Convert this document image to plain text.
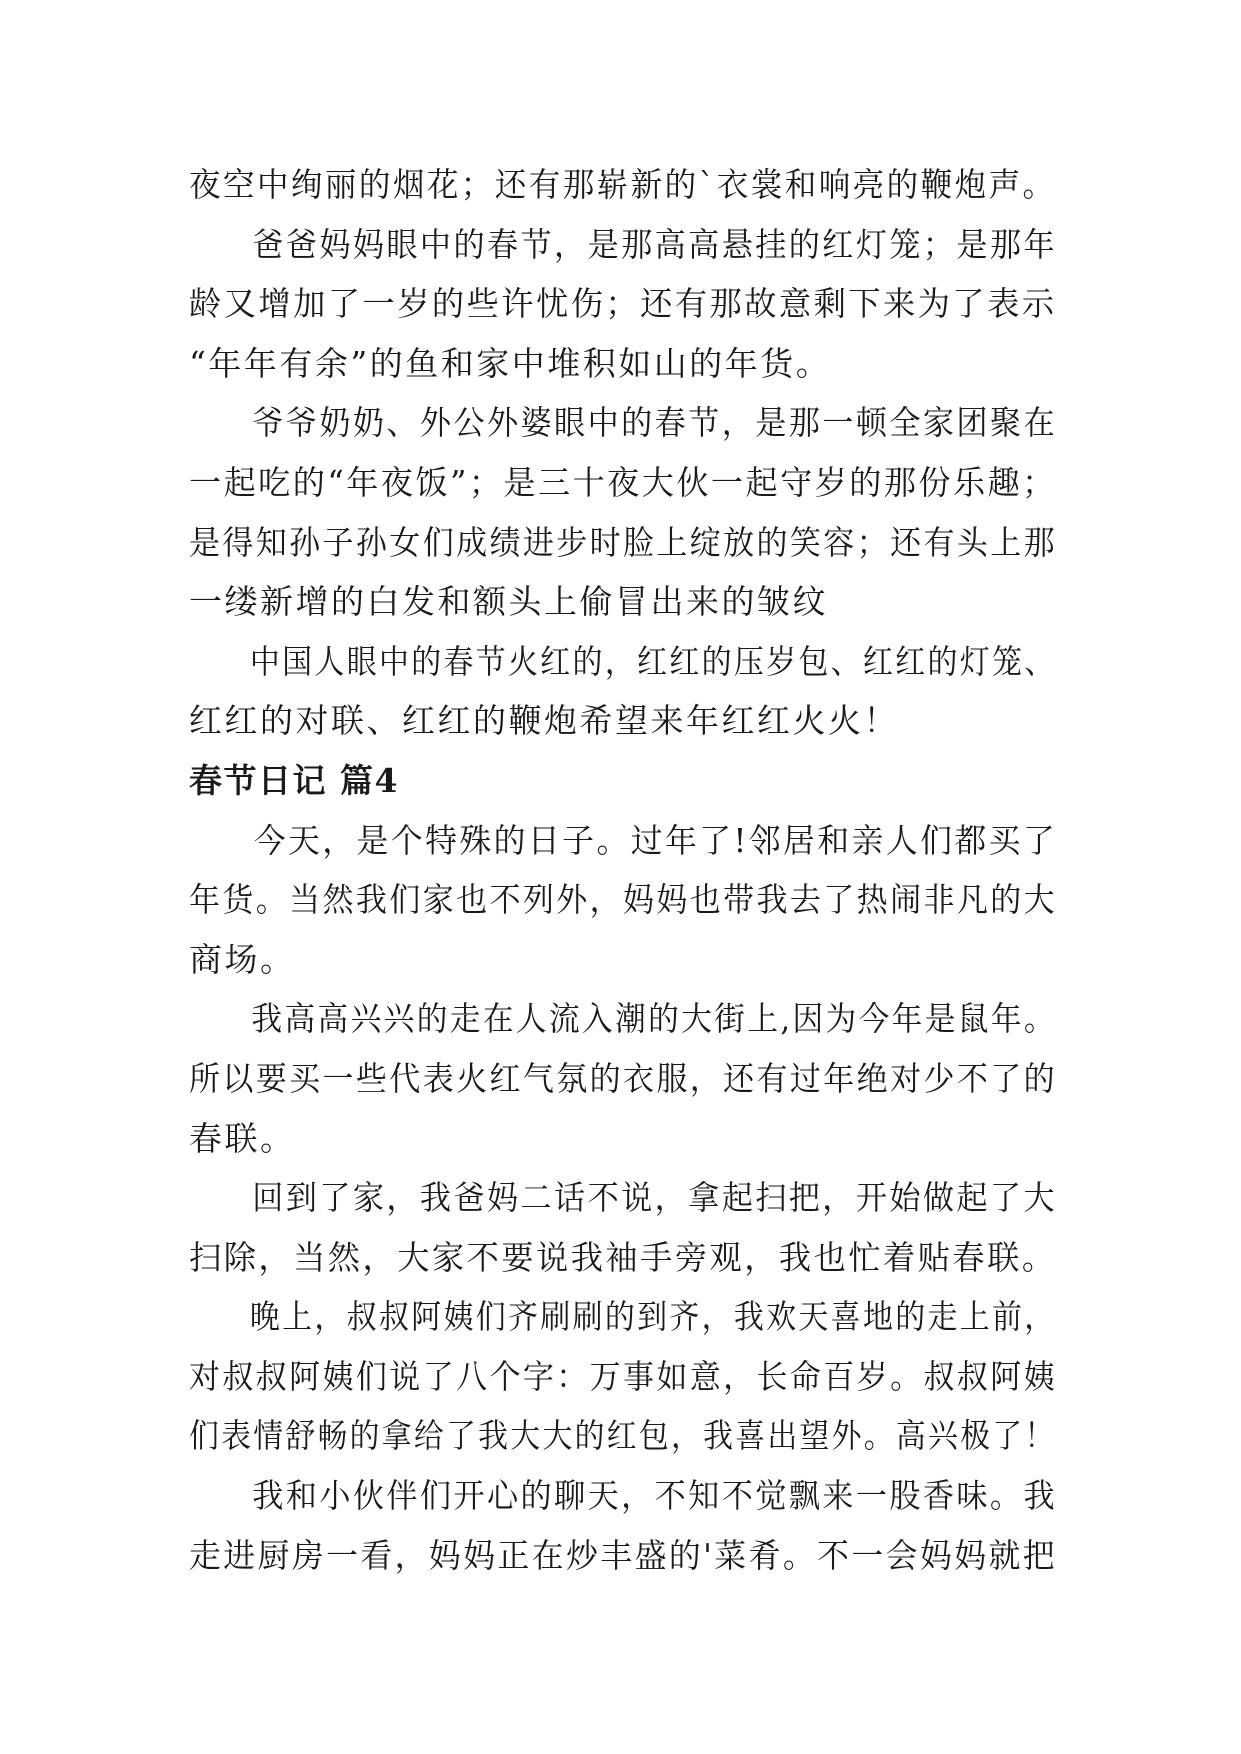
夜空中绚丽的烟花；还有那崭新的`衣裳和响亮的鞭炮声。

爸爸妈妈眼中的春节，是那高高悬挂的红灯笼；是那年
龄又增加了一岁的些许忧伤；还有那故意剩下来为了表示
“年年有余”的鱼和家中堆积如山的年货。

爷爷奶奶、外公外婆眼中的春节，是那一顿全家团聚在
一起吃的“年夜饭”；是三十夜大伙一起守岁的那份乐趣；
是得知孙子孙女们成绩进步时脸上绽放的笑容；还有头上那
一缕新增的白发和额头上偷冒出来的皱纹

中国人眼中的春节火红的，红红的压岁包、红红的灯笼、
红红的对联、红红的鞭炮希望来年红红火火！

春节日记 篇4

今天，是个特殊的日子。过年了!邻居和亲人们都买了
年货。当然我们家也不列外，妈妈也带我去了热闹非凡的大
商场。

我高高兴兴的走在人流入潮的大街上,因为今年是鼠年。
所以要买一些代表火红气氛的衣服，还有过年绝对少不了的
春联。

回到了家，我爸妈二话不说，拿起扫把，开始做起了大
扫除，当然，大家不要说我袖手旁观，我也忙着贴春联。

晚上，叔叔阿姨们齐刷刷的到齐，我欢天喜地的走上前，
对叔叔阿姨们说了八个字：万事如意，长命百岁。叔叔阿姨
们表情舒畅的拿给了我大大的红包，我喜出望外。高兴极了！

我和小伙伴们开心的聊天，不知不觉飘来一股香味。我
走进厨房一看，妈妈正在炒丰盛的'菜肴。不一会妈妈就把
